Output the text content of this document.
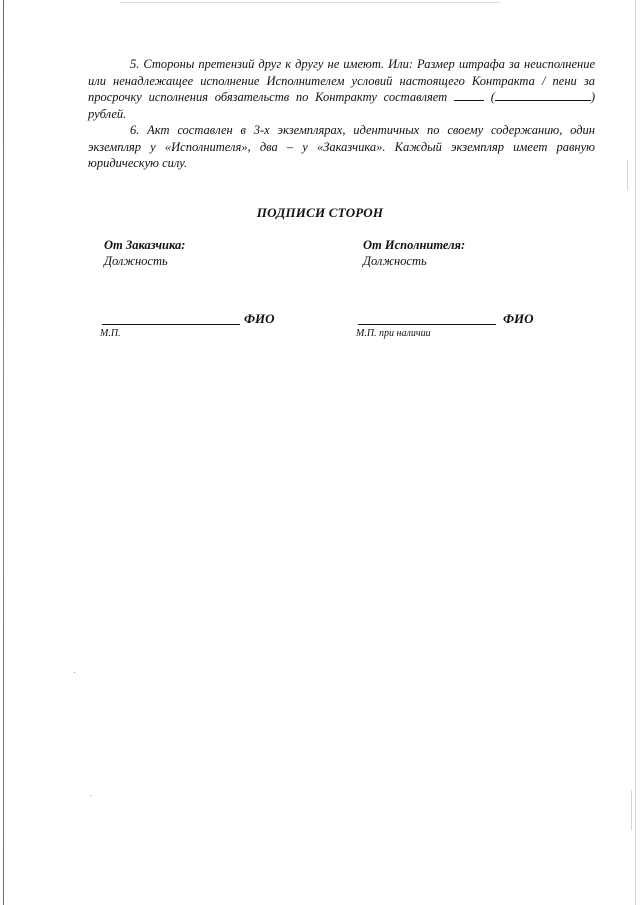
5. Стороны претензий друг к другу не имеют. Или: Размер штрафа за неисполнение или ненадлежащее исполнение Исполнителем условий настоящего Контракта / пени за просрочку исполнения обязательств по Контракту составляет	(	) рублей.

6. Акт составлен в 3-х экземплярах, идентичных по своему содержанию, один экземпляр у «Исполнителя», два – у «Заказчика». Каждый экземпляр имеет равную юридическую силу.

ПОДПИСИ СТОРОН
От Заказчика:
Должность
ФИО
М.П.
От Исполнителя:
Должность
ФИО
М.П. при наличии
